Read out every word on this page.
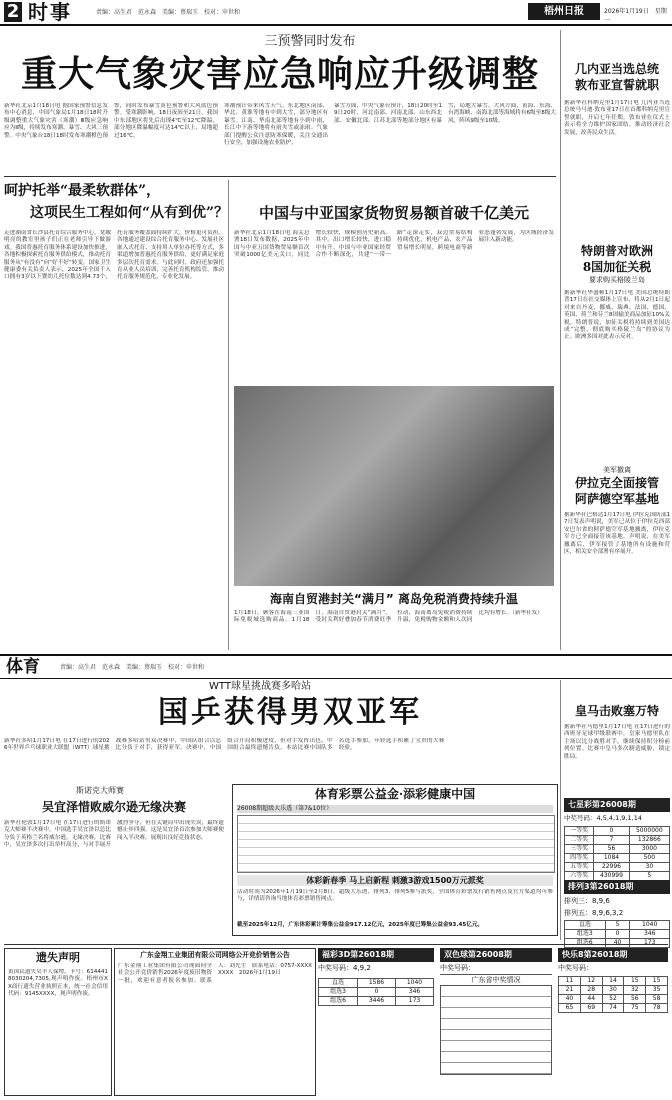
2 时事	责编：高生君　范永森　美编：蔡瑞玉　校对：申世和	梧州日报	2026年1月19日　星期一
三预警同时发布
重大气象灾害应急响应升级调整
新华社北京1月18日电 据国家预警信息发布中心消息，中国气象局1月18日18时升级调整重大气象灾害（寒潮）Ⅲ级应急响应为Ⅱ级，持续发布寒潮、暴雪、大风三预警。中央气象台18日18时发布寒潮橙色预警，同时发布暴雪黄色预警和大风蓝色预警。受寒潮影响，18日夜间至21日，我国中东部地区将先后出现4℃至12℃降温，部分地区降温幅度可达14℃以上，局地超过16℃。
寒潮预计带来风雪天气。东北地区南部、华北、黄淮等地有中到大雪，部分地区有暴雪。江南、华南北部等地有小到中雨，长江中下游等地将有雨夹雪或冻雨。气象部门提醒公众注意防寒保暖，关注交通出行安全，加强设施农业防护。
暴雪方面，中央气象台预计，18日20时至19日20时，河北南部、河南北部、山东西北部、安徽北部、江苏北部等地部分地区有暴雪，局地大暴雪。大风方面，黄海、东海、台湾海峡、南海北部等海域将有6级至8级大风，阵风9级至10级。
呵护托举“最柔软群体”，
这项民生工程如何“从有到优”？
走进湖南省长沙县托育综合服务中心，宽敞明亮的教室里孩子们正在老师引导下做游戏。我国普惠托育服务体系建设加快推进，各地积极探索托育服务供给模式，推动托育服务从“有没有”向“好不好”转变。国家卫生健康委有关负责人表示，2025年全国千人口拥有3岁以下婴幼儿托位数达到4.73个，托育服务覆盖面持续扩大，价格更可负担。各地通过建设综合托育服务中心、发展社区嵌入式托育、支持用人单位办托等方式，多渠道增加普惠托育服务供给，更好满足家庭多层次托育需求。与此同时，政府还加强托育从业人员培训，完善托育机构监管，推动托育服务规范化、专业化发展。
中国与中亚国家货物贸易额首破千亿美元
新华社北京1月18日电 海关总署18日发布数据，2025年中国与中亚五国货物贸易额首次突破1000亿美元关口，同比增长较快，规模创历史新高。其中，出口增长较快，进口稳中有升。中国与中亚国家经贸合作不断深化，共建“一带一路”走深走实，双边贸易结构持续优化，机电产品、农产品贸易增长明显，跨境电商等新业态蓬勃发展，为区域经济发展注入新动能。
海南自贸港封关“满月” 离岛免税消费持续升温
1月18日，顾客在海南三亚国际免税城选购商品。1月18日，海南自贸港封关“满月”。受封关利好叠加春节消费旺季拉动，海南离岛免税消费持续升温，免税购物金额和人次同比均有增长。（新华社发）
几内亚当选总统
敦布亚宣誓就职
据新华社科纳克里1月17日电 几内亚当选总统马马迪·敦布亚17日在首都科纳克里宣誓就职，开启七年任期。敦布亚在仪式上表示将全力维护国家团结，推动经济社会发展，改善民众生活。
特朗普对欧洲
8国加征关税
要求购买格陵兰岛
据新华社华盛顿1月17日电 美国总统特朗普17日在社交媒体上宣布，将从2月1日起对来自丹麦、挪威、瑞典、法国、德国、英国、荷兰和芬兰8国输美商品加征10%关税。特朗普说，加征关税将持续到美国达成“完整、彻底购买格陵兰岛”的协议为止。欧洲多国对此表示反对。
美军撤离
伊拉克全面接管
阿萨德空军基地
据新华社巴格达1月17日电 伊拉克国防部17日发表声明说，美军已从位于伊拉克西部安巴尔省的阿萨德空军基地撤离，伊拉克军方已全面接管该基地。声明说，在美军撤离后，伊军接管了基地所有设施和营区，相关安全部署有序展开。
体育	责编：高生君　范永森　美编：蔡瑞玉　校对：申世和
WTT球星挑战赛多哈站
国乒获得男双亚军
新华社多哈1月17日电 在17日进行的2026年世界乒乓球职业大联盟（WTT）球星挑战赛多哈站男双决赛中，中国队组合以总比分负于对手，获得亚军。决赛中，中国组合开局积极进攻，但对手发挥出色，中国组合最终遗憾告负。本站比赛中国队多名选手参加，年轻选手积累了宝贵的大赛经验。
斯诺克大师赛
吴宜泽惜败威尔逊无缘决赛
新华社伦敦1月17日电 在17日进行的斯诺克大师赛半决赛中，中国选手吴宜泽以总比分负于英格兰名将威尔逊，无缘决赛。比赛中，吴宜泽多次打出单杆高分，与对手展开激烈争夺，但在关键局中出现失误，最终遗憾止步四强。这是吴宜泽首次参加大师赛便闯入半决赛，展现出良好竞技状态。
体育彩票公益金·添彩健康中国
26008期超级大乐透（第7&10位）
体彩新春季 马上启新程 刺激3游戏1500万元派奖
活动时间为2026年1月19日至2月8日。超级大乐透、排列3、排列5参与派奖，全国体育彩票发行销售网点及官方渠道均可参与，详情请咨询当地体育彩票销售网点。
截至2025年12月，广东体彩累计筹集公益金917.12亿元，2025年度已筹集公益金93.45亿元。
皇马击败塞万特
据新华社马德里1月17日电 在17日进行的西班牙足球甲级联赛中，皇家马德里队在主场以比分战胜对手，继续保持积分榜前列位置。比赛中皇马多次制造威胁，锁定胜局。
七星彩第26008期
中奖号码：4,5,4,1,9,1,14
一等奖	0	5000000
二等奖	7	132866
三等奖	56	3000
四等奖	1084	500
五等奖	22996	30
六等奖	430999	5
排列3第26018期
排列三：8,9,6
排列五：8,9,6,3,2
直选	5	1040
组选3	0	346
组选6	40	173
遗失声明
黄国民遗失吴羊人保增，卡号：6144418030204,7305,现声明作废。梧州市XX商行遗失营业执照正本，统一社会信用代码：9145XXXX，现声明作废。
广东金翔工业集团有限公司网络公开竞价销售公告
广东金翔工业集团有限公司现面向全社会公开竞价销售2026年度废旧物资一批，欢迎有意者报名参加。联系人：刘先生　联系电话：0757-XXXXXXXX　2026年1月19日
福彩3D第26018期
中奖号码：4,9,2
直选	1586	1040
组选3	0	346
组选6	3446	173
双色球第26008期
中奖号码：
广东省中奖情况
快乐8第26018期
中奖号码：
11	12	14	15	15
21	28	30	32	35
40	44	52	56	58
65	69	74	75	78
